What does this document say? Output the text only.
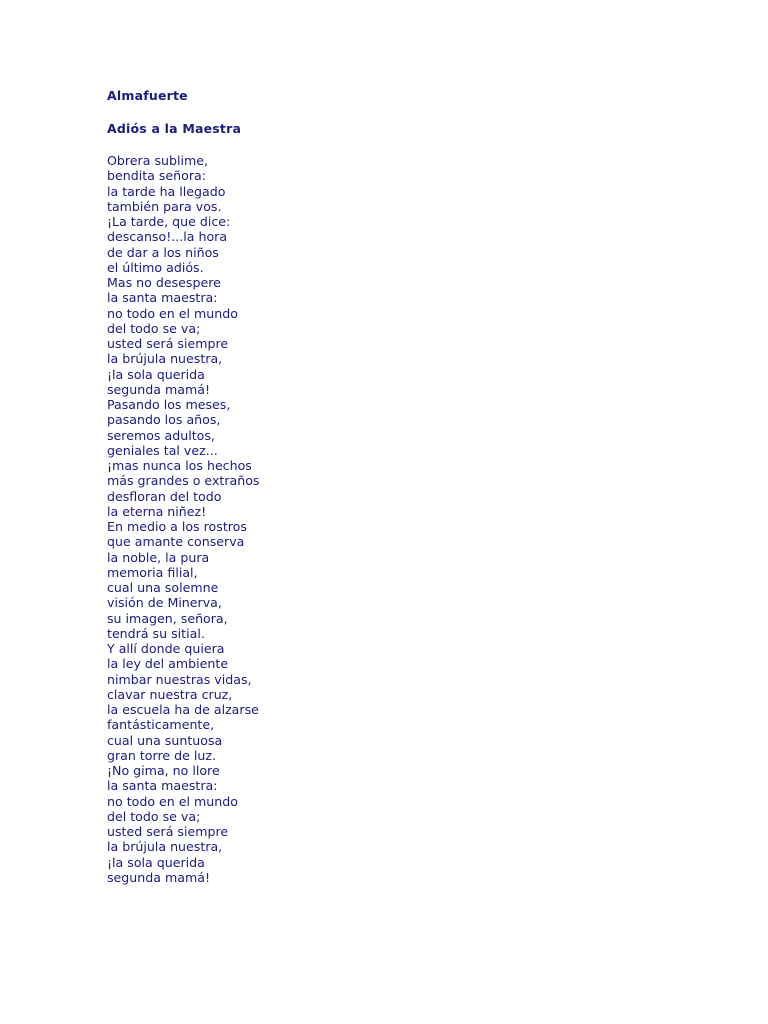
Almafuerte
Adiós a la Maestra
Obrera sublime,
bendita señora:
la tarde ha llegado
también para vos.
¡La tarde, que dice:
descanso!...la hora
de dar a los niños
el último adiós.
Mas no desespere
la santa maestra:
no todo en el mundo
del todo se va;
usted será siempre
la brújula nuestra,
¡la sola querida
segunda mamá!
Pasando los meses,
pasando los años,
seremos adultos,
geniales tal vez...
¡mas nunca los hechos
más grandes o extraños
desfloran del todo
la eterna niñez!
En medio a los rostros
que amante conserva
la noble, la pura
memoria filial,
cual una solemne
visión de Minerva,
su imagen, señora,
tendrá su sitial.
Y allí donde quiera
la ley del ambiente
nimbar nuestras vidas,
clavar nuestra cruz,
la escuela ha de alzarse
fantásticamente,
cual una suntuosa
gran torre de luz.
¡No gima, no llore
la santa maestra:
no todo en el mundo
del todo se va;
usted será siempre
la brújula nuestra,
¡la sola querida
segunda mamá!
